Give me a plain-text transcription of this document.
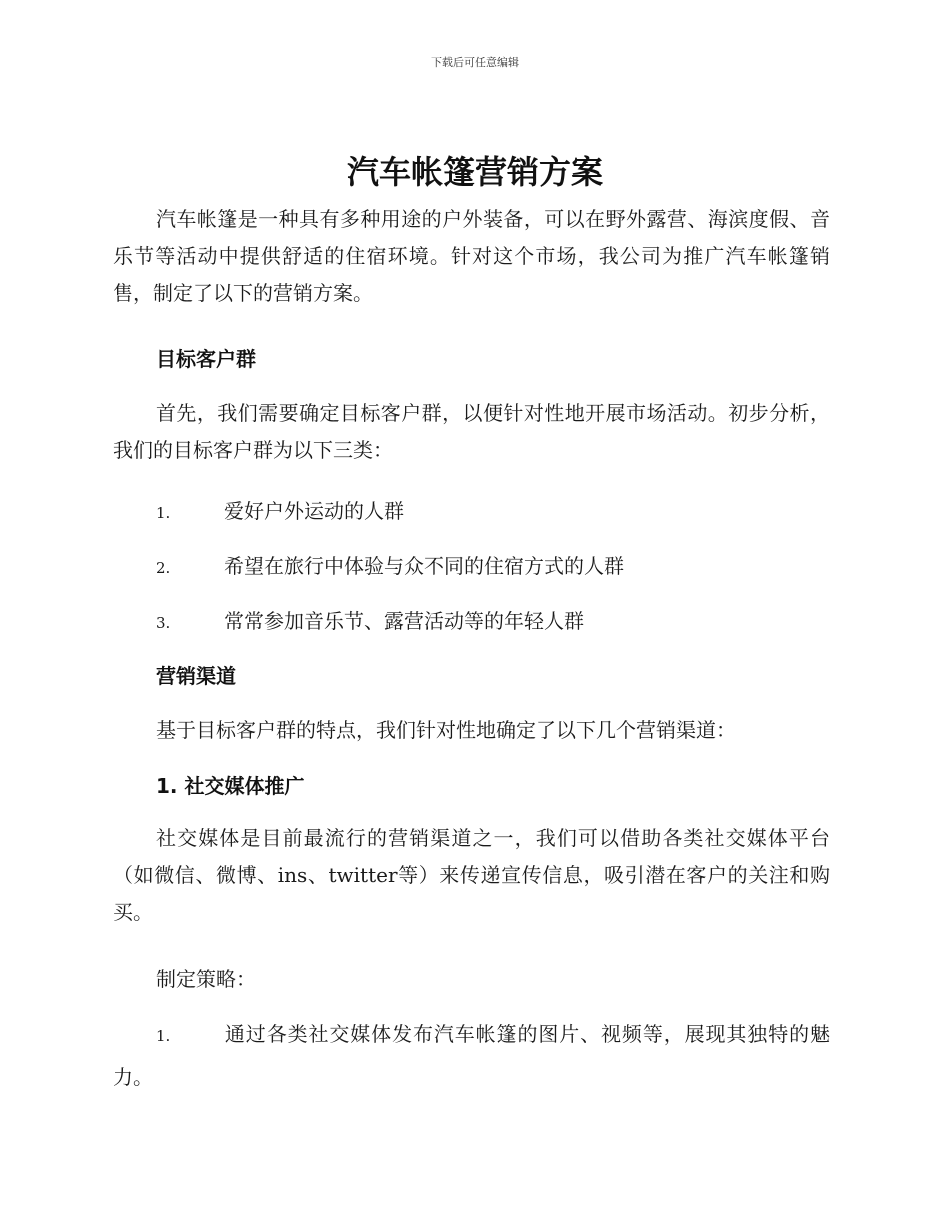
下载后可任意编辑
汽车帐篷营销方案

汽车帐篷是一种具有多种用途的户外装备，可以在野外露营、海滨度假、音乐节等活动中提供舒适的住宿环境。针对这个市场，我公司为推广汽车帐篷销售，制定了以下的营销方案。

目标客户群

首先，我们需要确定目标客户群，以便针对性地开展市场活动。初步分析，我们的目标客户群为以下三类：

1.	爱好户外运动的人群
2.	希望在旅行中体验与众不同的住宿方式的人群
3.	常常参加音乐节、露营活动等的年轻人群
营销渠道

基于目标客户群的特点，我们针对性地确定了以下几个营销渠道：

1. 社交媒体推广

社交媒体是目前最流行的营销渠道之一，我们可以借助各类社交媒体平台（如微信、微博、ins、twitter等）来传递宣传信息，吸引潜在客户的关注和购买。

制定策略：

1.	通过各类社交媒体发布汽车帐篷的图片、视频等，展现其独特的魅力。
